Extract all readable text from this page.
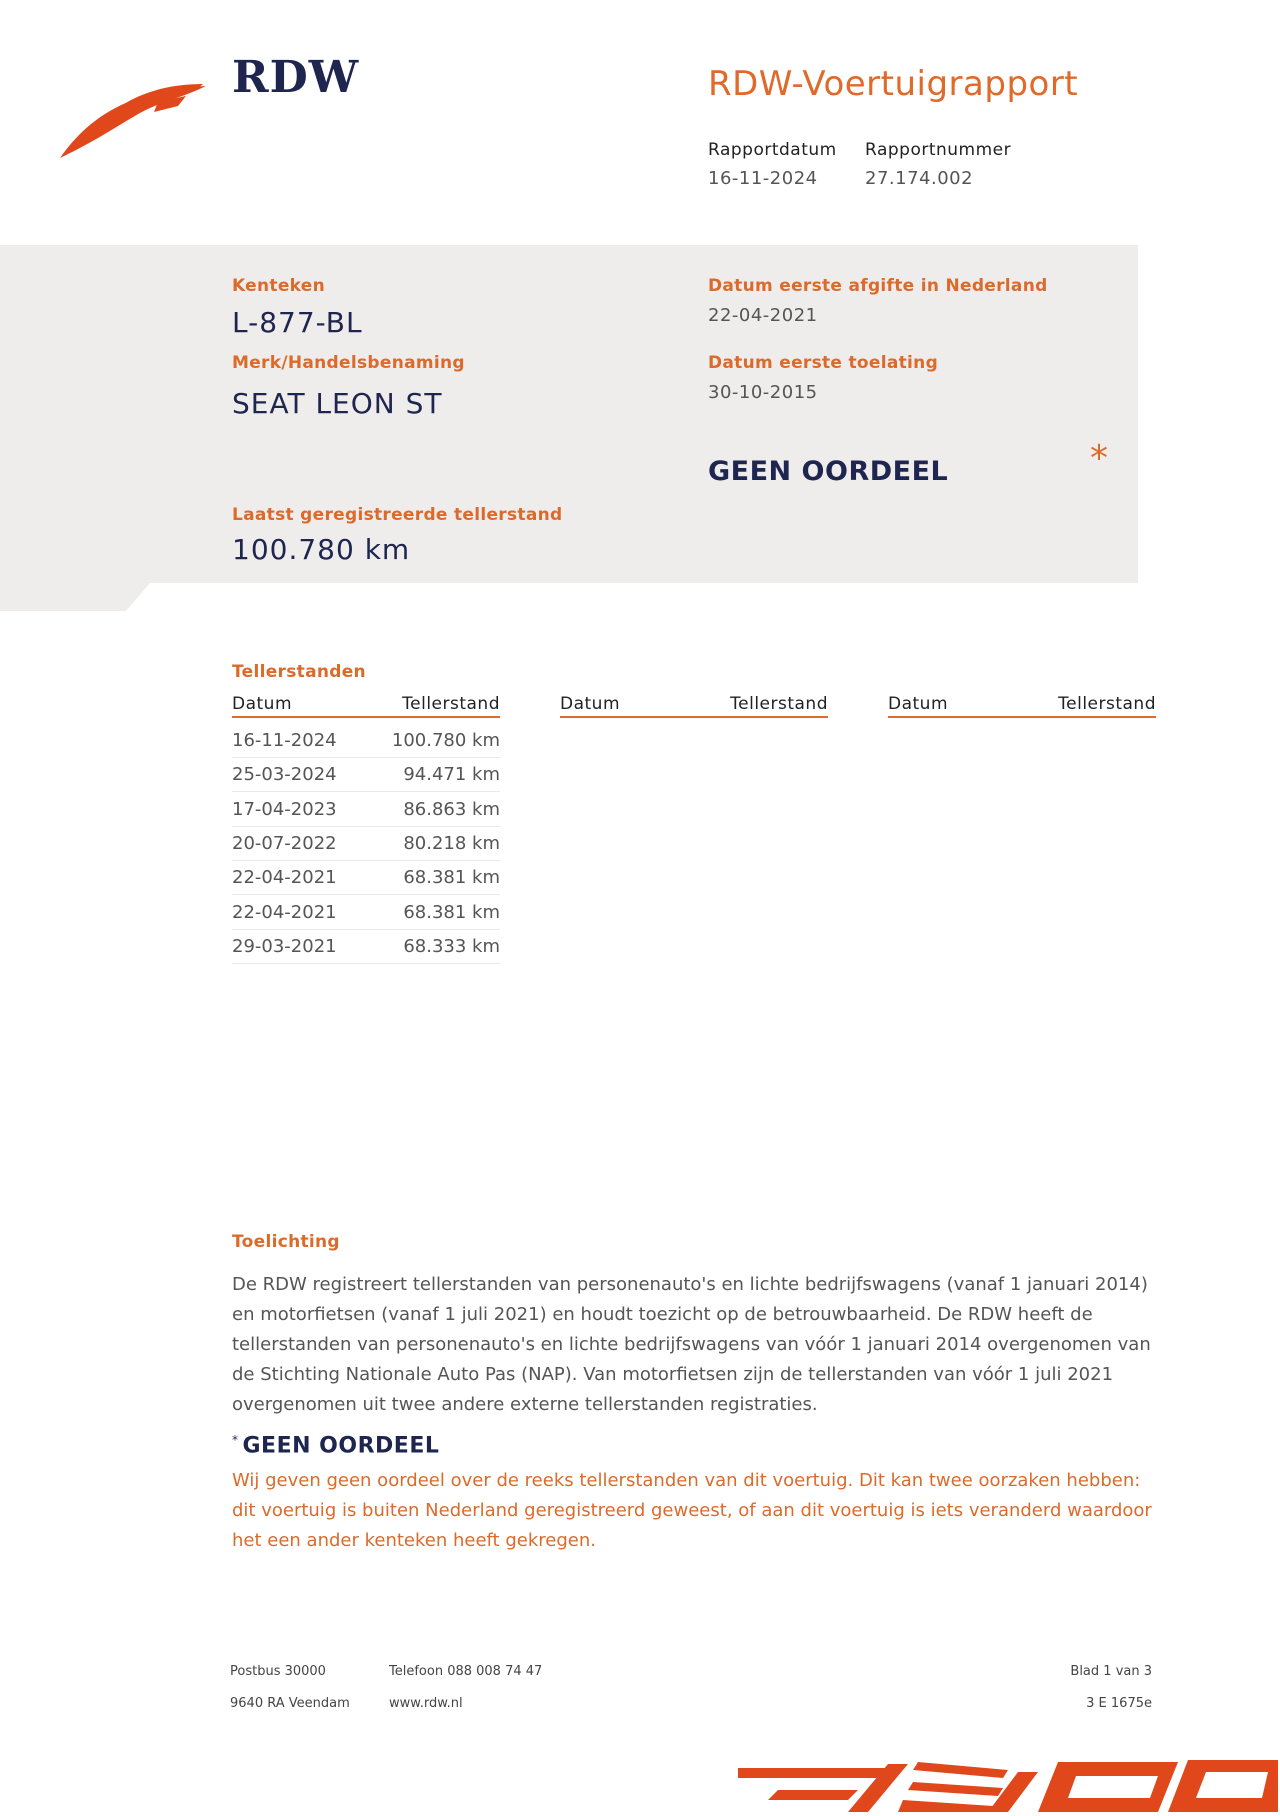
RDW	RDW-Voertuigrapport
Rapportdatum
16-11-2024
Rapportnummer
27.174.002
Kenteken
L-877-BL
Merk/Handelsbenaming
SEAT LEON ST
Datum eerste afgifte in Nederland
22-04-2021
Datum eerste toelating
30-10-2015
GEEN OORDEEL	*
Laatst geregistreerde tellerstand
100.780 km
Tellerstanden
Datum	Tellerstand	Datum	Tellerstand	Datum	Tellerstand
16-11-2024	100.780 km
25-03-2024	94.471 km
17-04-2023	86.863 km
20-07-2022	80.218 km
22-04-2021	68.381 km
22-04-2021	68.381 km
29-03-2021	68.333 km
Toelichting
De RDW registreert tellerstanden van personenauto's en lichte bedrijfswagens (vanaf 1 januari 2014) en motorfietsen (vanaf 1 juli 2021) en houdt toezicht op de betrouwbaarheid. De RDW heeft de tellerstanden van personenauto's en lichte bedrijfswagens van vóór 1 januari 2014 overgenomen van de Stichting Nationale Auto Pas (NAP). Van motorfietsen zijn de tellerstanden van vóór 1 juli 2021 overgenomen uit twee andere externe tellerstanden registraties.
* GEEN OORDEEL
Wij geven geen oordeel over de reeks tellerstanden van dit voertuig. Dit kan twee oorzaken hebben: dit voertuig is buiten Nederland geregistreerd geweest, of aan dit voertuig is iets veranderd waardoor het een ander kenteken heeft gekregen.
Postbus 30000
9640 RA Veendam
Telefoon 088 008 74 47
www.rdw.nl
Blad 1 van 3
3 E 1675e
